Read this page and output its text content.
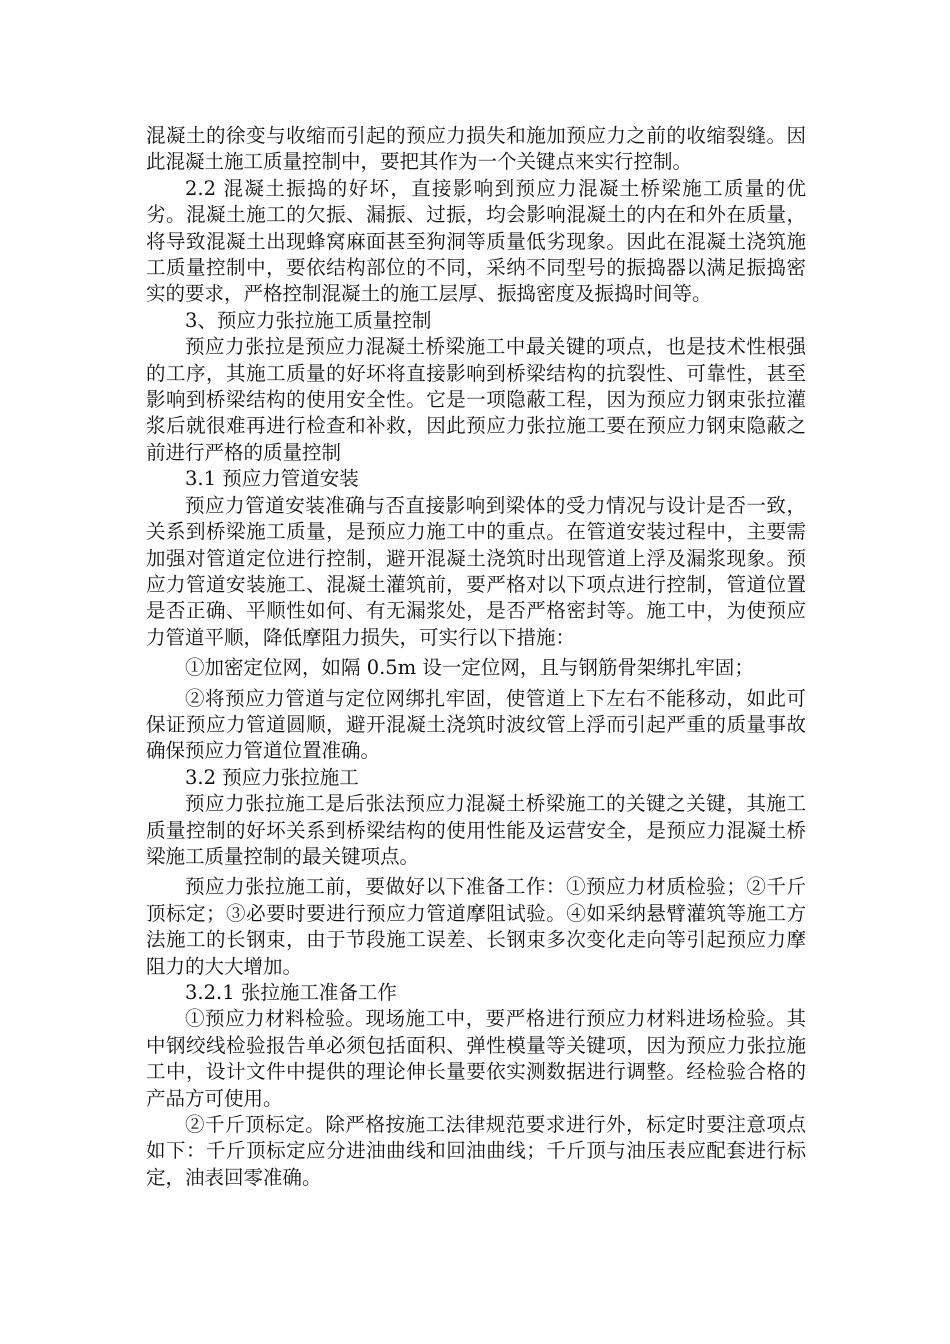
混凝土的徐变与收缩而引起的预应力损失和施加预应力之前的收缩裂缝。因此混凝土施工质量控制中，要把其作为一个关键点来实行控制。

2.2 混凝土振捣的好坏，直接影响到预应力混凝土桥梁施工质量的优劣。混凝土施工的欠振、漏振、过振，均会影响混凝土的内在和外在质量，将导致混凝土出现蜂窝麻面甚至狗洞等质量低劣现象。因此在混凝土浇筑施工质量控制中，要依结构部位的不同，采纳不同型号的振捣器以满足振捣密实的要求，严格控制混凝土的施工层厚、振捣密度及振捣时间等。

3、预应力张拉施工质量控制

预应力张拉是预应力混凝土桥梁施工中最关键的项点，也是技术性根强的工序，其施工质量的好坏将直接影响到桥梁结构的抗裂性、可靠性，甚至影响到桥梁结构的使用安全性。它是一项隐蔽工程，因为预应力钢束张拉灌浆后就很难再进行检查和补救，因此预应力张拉施工要在预应力钢束隐蔽之前进行严格的质量控制

3.1 预应力管道安装

预应力管道安装准确与否直接影响到梁体的受力情况与设计是否一致，关系到桥梁施工质量，是预应力施工中的重点。在管道安装过程中，主要需加强对管道定位进行控制，避开混凝土浇筑时出现管道上浮及漏浆现象。预应力管道安装施工、混凝土灌筑前，要严格对以下项点进行控制，管道位置是否正确、平顺性如何、有无漏浆处，是否严格密封等。施工中，为使预应力管道平顺，降低摩阻力损失，可实行以下措施：

①加密定位网，如隔 0.5m 设一定位网，且与钢筋骨架绑扎牢固；

②将预应力管道与定位网绑扎牢固，使管道上下左右不能移动，如此可保证预应力管道圆顺，避开混凝土浇筑时波纹管上浮而引起严重的质量事故确保预应力管道位置准确。

3.2 预应力张拉施工

预应力张拉施工是后张法预应力混凝土桥梁施工的关键之关键，其施工质量控制的好坏关系到桥梁结构的使用性能及运营安全，是预应力混凝土桥梁施工质量控制的最关键项点。

预应力张拉施工前，要做好以下准备工作：①预应力材质检验；②千斤顶标定；③必要时要进行预应力管道摩阻试验。④如采纳悬臂灌筑等施工方法施工的长钢束，由于节段施工误差、长钢束多次变化走向等引起预应力摩阻力的大大增加。

3.2.1 张拉施工准备工作

①预应力材料检验。现场施工中，要严格进行预应力材料进场检验。其中钢绞线检验报告单必须包括面积、弹性模量等关键项，因为预应力张拉施工中，设计文件中提供的理论伸长量要依实测数据进行调整。经检验合格的产品方可使用。

②千斤顶标定。除严格按施工法律规范要求进行外，标定时要注意项点如下：千斤顶标定应分进油曲线和回油曲线；千斤顶与油压表应配套进行标定，油表回零准确。
